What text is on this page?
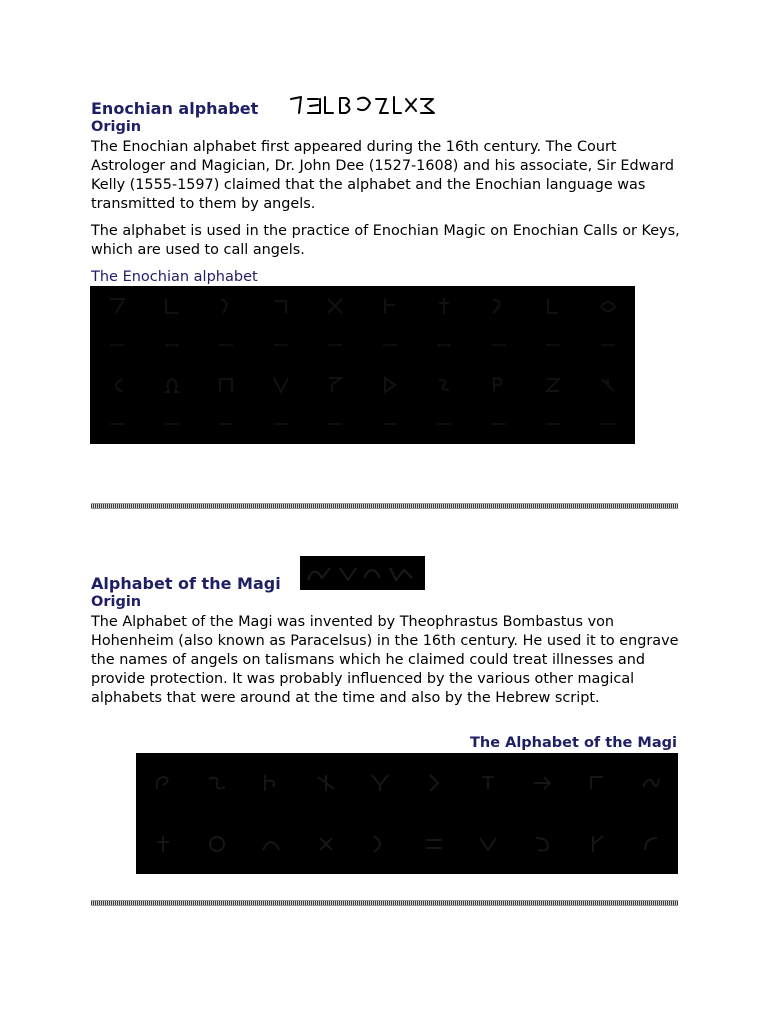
Enochian alphabet
Origin
The Enochian alphabet first appeared during the 16th century. The Court Astrologer and Magician, Dr. John Dee (1527-1608) and his associate, Sir Edward Kelly (1555-1597) claimed that the alphabet and the Enochian language was transmitted to them by angels.
The alphabet is used in the practice of Enochian Magic on Enochian Calls or Keys, which are used to call angels.
The Enochian alphabet
Alphabet of the Magi
Origin
The Alphabet of the Magi was invented by Theophrastus Bombastus von Hohenheim (also known as Paracelsus) in the 16th century. He used it to engrave the names of angels on talismans which he claimed could treat illnesses and provide protection. It was probably influenced by the various other magical alphabets that were around at the time and also by the Hebrew script.
The Alphabet of the Magi
